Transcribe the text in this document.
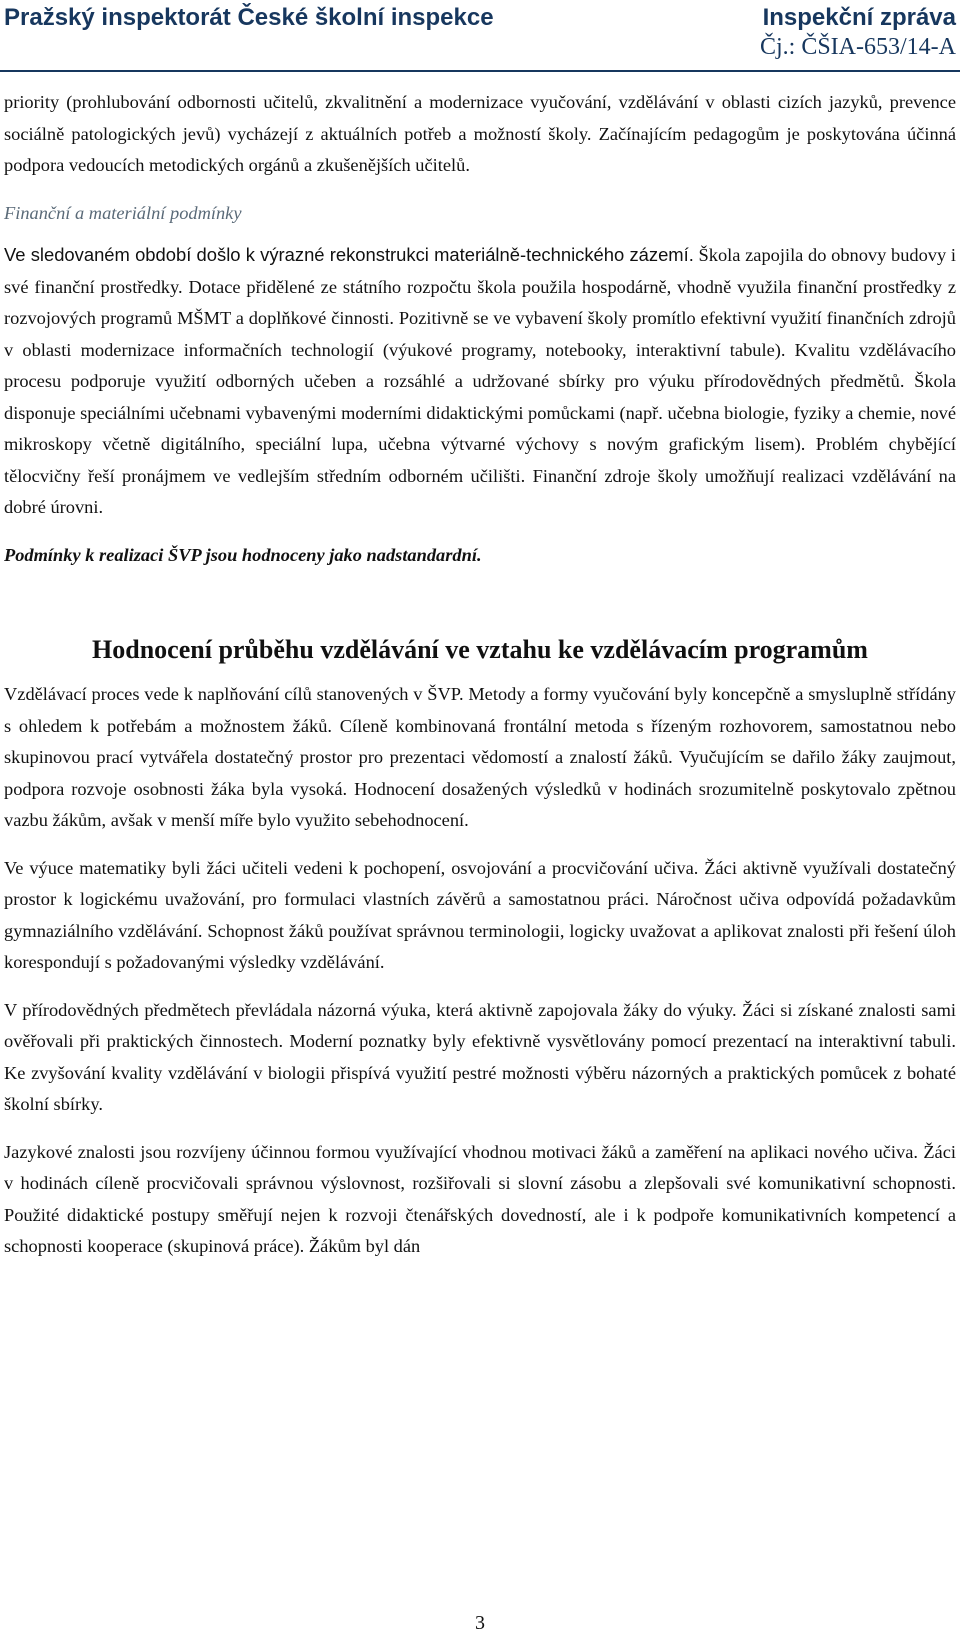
Pražský inspektorát České školní inspekce	Inspekční zpráva
Čj.: ČŠIA-653/14-A

priority (prohlubování odbornosti učitelů, zkvalitnění a modernizace vyučování, vzdělávání v oblasti cizích jazyků, prevence sociálně patologických jevů) vycházejí z aktuálních potřeb a možností školy. Začínajícím pedagogům je poskytována účinná podpora vedoucích metodických orgánů a zkušenějších učitelů.

Finanční a materiální podmínky

Ve sledovaném období došlo k výrazné rekonstrukci materiálně-technického zázemí. Škola zapojila do obnovy budovy i své finanční prostředky. Dotace přidělené ze státního rozpočtu škola použila hospodárně, vhodně využila finanční prostředky z rozvojových programů MŠMT a doplňkové činnosti. Pozitivně se ve vybavení školy promítlo efektivní využití finančních zdrojů v oblasti modernizace informačních technologií (výukové programy, notebooky, interaktivní tabule). Kvalitu vzdělávacího procesu podporuje využití odborných učeben a rozsáhlé a udržované sbírky pro výuku přírodovědných předmětů. Škola disponuje speciálními učebnami vybavenými moderními didaktickými pomůckami (např. učebna biologie, fyziky a chemie, nové mikroskopy včetně digitálního, speciální lupa, učebna výtvarné výchovy s novým grafickým lisem). Problém chybějící tělocvičny řeší pronájmem ve vedlejším středním odborném učilišti. Finanční zdroje školy umožňují realizaci vzdělávání na dobré úrovni.

Podmínky k realizaci ŠVP jsou hodnoceny jako nadstandardní.

Hodnocení průběhu vzdělávání ve vztahu ke vzdělávacím programům

Vzdělávací proces vede k naplňování cílů stanovených v ŠVP. Metody a formy vyučování byly koncepčně a smysluplně střídány s ohledem k potřebám a možnostem žáků. Cíleně kombinovaná frontální metoda s řízeným rozhovorem, samostatnou nebo skupinovou prací vytvářela dostatečný prostor pro prezentaci vědomostí a znalostí žáků. Vyučujícím se dařilo žáky zaujmout, podpora rozvoje osobnosti žáka byla vysoká. Hodnocení dosažených výsledků v hodinách srozumitelně poskytovalo zpětnou vazbu žákům, avšak v menší míře bylo využito sebehodnocení.

Ve výuce matematiky byli žáci učiteli vedeni k pochopení, osvojování a procvičování učiva. Žáci aktivně využívali dostatečný prostor k logickému uvažování, pro formulaci vlastních závěrů a samostatnou práci. Náročnost učiva odpovídá požadavkům gymnaziálního vzdělávání. Schopnost žáků používat správnou terminologii, logicky uvažovat a aplikovat znalosti při řešení úloh korespondují s požadovanými výsledky vzdělávání.

V přírodovědných předmětech převládala názorná výuka, která aktivně zapojovala žáky do výuky. Žáci si získané znalosti sami ověřovali při praktických činnostech. Moderní poznatky byly efektivně vysvětlovány pomocí prezentací na interaktivní tabuli. Ke zvyšování kvality vzdělávání v biologii přispívá využití pestré možnosti výběru názorných a praktických pomůcek z bohaté školní sbírky.

Jazykové znalosti jsou rozvíjeny účinnou formou využívající vhodnou motivaci žáků a zaměření na aplikaci nového učiva. Žáci v hodinách cíleně procvičovali správnou výslovnost, rozšiřovali si slovní zásobu a zlepšovali své komunikativní schopnosti. Použité didaktické postupy směřují nejen k rozvoji čtenářských dovedností, ale i k podpoře komunikativních kompetencí a schopnosti kooperace (skupinová práce). Žákům byl dán

3
